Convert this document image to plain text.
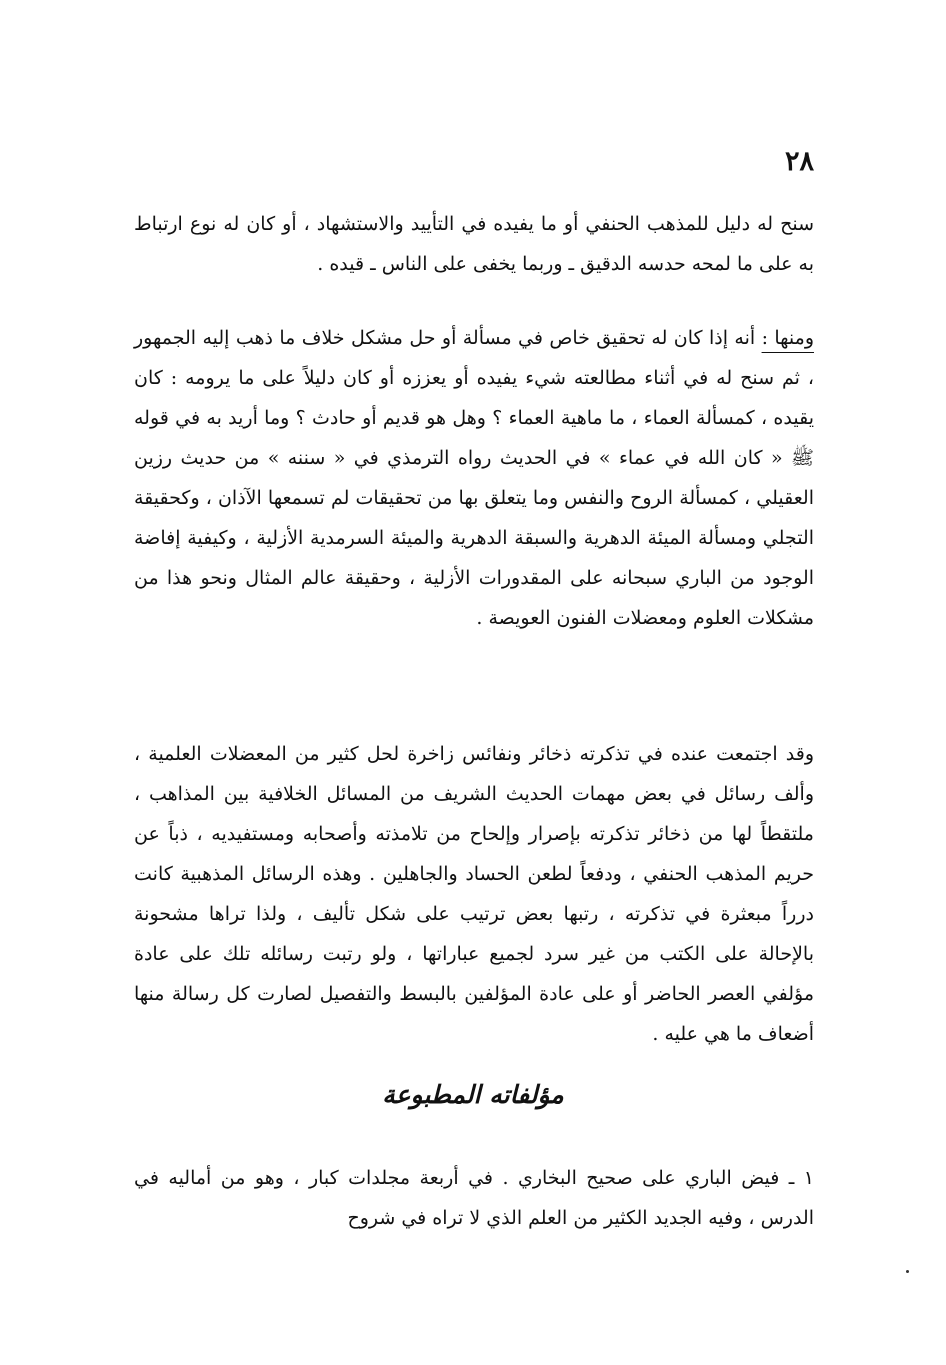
٢٨

سنح له دليل للمذهب الحنفي أو ما يفيده في التأييد والاستشهاد ، أو كان له نوع ارتباط به على ما لمحه حدسه الدقيق ـ وربما يخفى على الناس ـ قيده .

ومنها : أنه إذا كان له تحقيق خاص في مسألة أو حل مشكل خلاف ما ذهب إليه الجمهور ، ثم سنح له في أثناء مطالعته شيء يفيده أو يعززه أو كان دليلاً على ما يرومه : كان يقيده ، كمسألة العماء ، ما ماهية العماء ؟ وهل هو قديم أو حادث ؟ وما أريد به في قوله ﷺ « كان الله في عماء » في الحديث رواه الترمذي في « سننه » من حديث رزين العقيلي ، كمسألة الروح والنفس وما يتعلق بها من تحقيقات لم تسمعها الآذان ، وكحقيقة التجلي ومسألة الميئة الدهرية والسبقة الدهرية والميئة السرمدية الأزلية ، وكيفية إفاضة الوجود من الباري سبحانه على المقدورات الأزلية ، وحقيقة عالم المثال ونحو هذا من مشكلات العلوم ومعضلات الفنون العويصة .

وقد اجتمعت عنده في تذكرته ذخائر ونفائس زاخرة لحل كثير من المعضلات العلمية ، وألف رسائل في بعض مهمات الحديث الشريف من المسائل الخلافية بين المذاهب ، ملتقطاً لها من ذخائر تذكرته بإصرار وإلحاح من تلامذته وأصحابه ومستفيديه ، ذباً عن حريم المذهب الحنفي ، ودفعاً لطعن الحساد والجاهلين . وهذه الرسائل المذهبية كانت درراً مبعثرة في تذكرته ، رتبها بعض ترتيب على شكل تأليف ، ولذا تراها مشحونة بالإحالة على الكتب من غير سرد لجميع عباراتها ، ولو رتبت رسائله تلك على عادة مؤلفي العصر الحاضر أو على عادة المؤلفين بالبسط والتفصيل لصارت كل رسالة منها أضعاف ما هي عليه .

مؤلفاته المطبوعة

١ ـ فيض الباري على صحيح البخاري . في أربعة مجلدات كبار ، وهو من أماليه في الدرس ، وفيه الجديد الكثير من العلم الذي لا تراه في شروح
